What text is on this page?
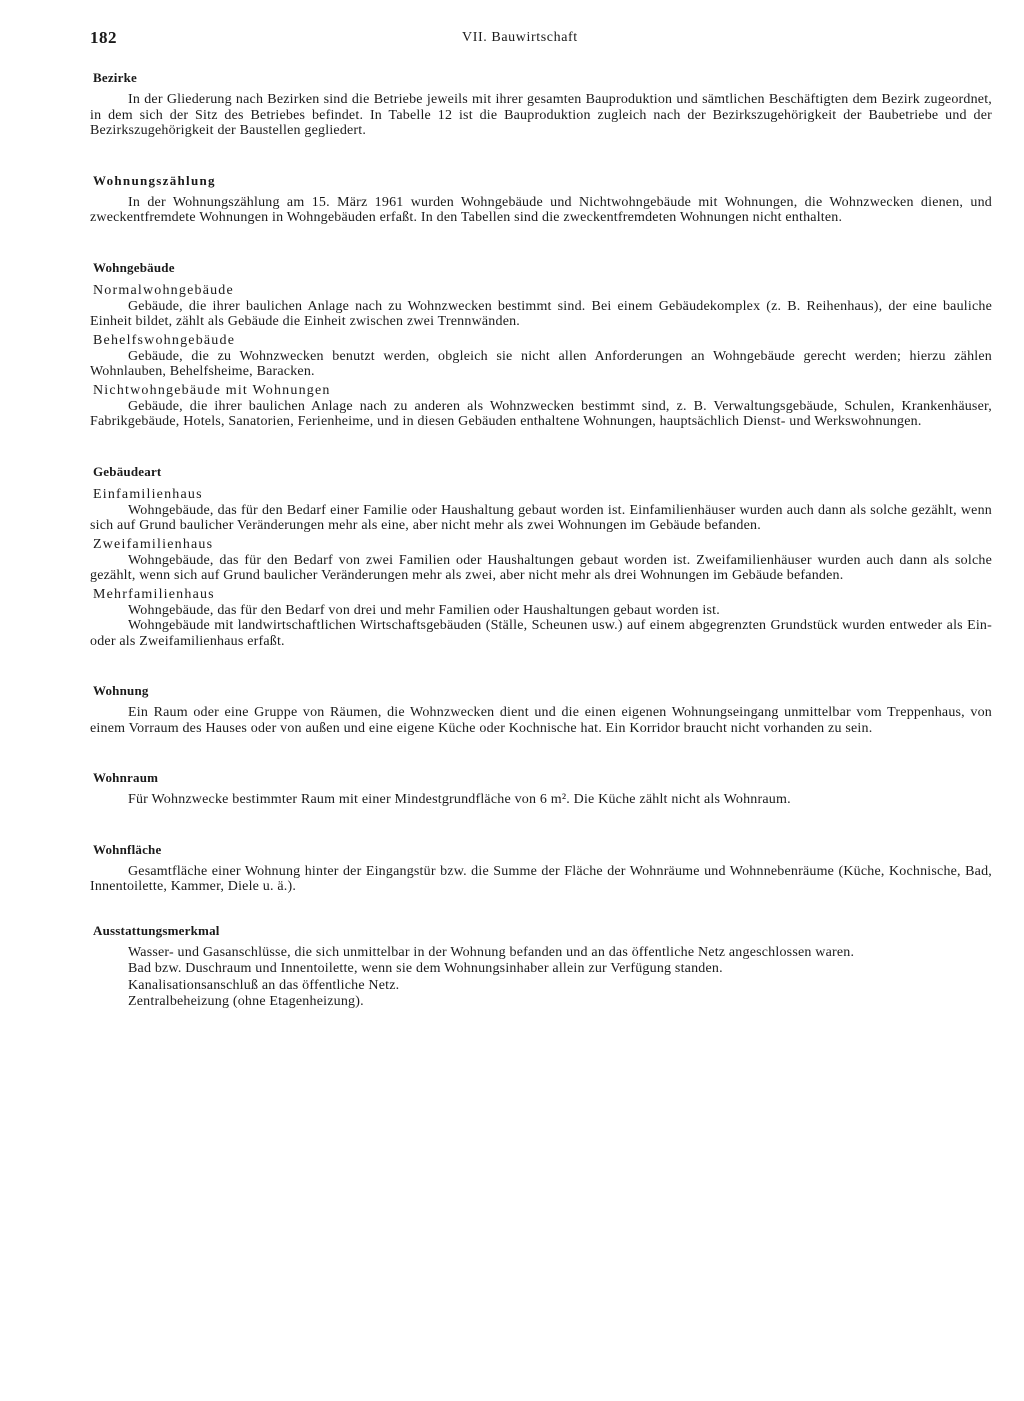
182	VII. Bauwirtschaft
Bezirke

In der Gliederung nach Bezirken sind die Betriebe jeweils mit ihrer gesamten Bauproduktion und sämtlichen Beschäftigten dem Bezirk zugeordnet, in dem sich der Sitz des Betriebes befindet. In Tabelle 12 ist die Bauproduktion zugleich nach der Bezirkszugehörigkeit der Baubetriebe und der Bezirkszugehörigkeit der Baustellen gegliedert.

Wohnungszählung

In der Wohnungszählung am 15. März 1961 wurden Wohngebäude und Nichtwohngebäude mit Wohnungen, die Wohnzwecken dienen, und zweckentfremdete Wohnungen in Wohngebäuden erfaßt. In den Tabellen sind die zweckentfremdeten Wohnungen nicht enthalten.

Wohngebäude
Normalwohngebäude

Gebäude, die ihrer baulichen Anlage nach zu Wohnzwecken bestimmt sind. Bei einem Gebäudekomplex (z. B. Reihenhaus), der eine bauliche Einheit bildet, zählt als Gebäude die Einheit zwischen zwei Trennwänden.

Behelfswohngebäude

Gebäude, die zu Wohnzwecken benutzt werden, obgleich sie nicht allen Anforderungen an Wohngebäude gerecht werden; hierzu zählen Wohnlauben, Behelfsheime, Baracken.

Nichtwohngebäude mit Wohnungen

Gebäude, die ihrer baulichen Anlage nach zu anderen als Wohnzwecken bestimmt sind, z. B. Verwaltungsgebäude, Schulen, Krankenhäuser, Fabrikgebäude, Hotels, Sanatorien, Ferienheime, und in diesen Gebäuden enthaltene Wohnungen, hauptsächlich Dienst- und Werkswohnungen.

Gebäudeart
Einfamilienhaus

Wohngebäude, das für den Bedarf einer Familie oder Haushaltung gebaut worden ist. Einfamilienhäuser wurden auch dann als solche gezählt, wenn sich auf Grund baulicher Veränderungen mehr als eine, aber nicht mehr als zwei Wohnungen im Gebäude befanden.

Zweifamilienhaus

Wohngebäude, das für den Bedarf von zwei Familien oder Haushaltungen gebaut worden ist. Zweifamilienhäuser wurden auch dann als solche gezählt, wenn sich auf Grund baulicher Veränderungen mehr als zwei, aber nicht mehr als drei Wohnungen im Gebäude befanden.

Mehrfamilienhaus

Wohngebäude, das für den Bedarf von drei und mehr Familien oder Haushaltungen gebaut worden ist.

Wohngebäude mit landwirtschaftlichen Wirtschaftsgebäuden (Ställe, Scheunen usw.) auf einem abgegrenzten Grundstück wurden entweder als Ein- oder als Zweifamilienhaus erfaßt.

Wohnung

Ein Raum oder eine Gruppe von Räumen, die Wohnzwecken dient und die einen eigenen Wohnungseingang unmittelbar vom Treppenhaus, von einem Vorraum des Hauses oder von außen und eine eigene Küche oder Kochnische hat. Ein Korridor braucht nicht vorhanden zu sein.

Wohnraum

Für Wohnzwecke bestimmter Raum mit einer Mindestgrundfläche von 6 m². Die Küche zählt nicht als Wohnraum.

Wohnfläche

Gesamtfläche einer Wohnung hinter der Eingangstür bzw. die Summe der Fläche der Wohnräume und Wohnnebenräume (Küche, Kochnische, Bad, Innentoilette, Kammer, Diele u. ä.).

Ausstattungsmerkmal

Wasser- und Gasanschlüsse, die sich unmittelbar in der Wohnung befanden und an das öffentliche Netz angeschlossen waren.

Bad bzw. Duschraum und Innentoilette, wenn sie dem Wohnungsinhaber allein zur Verfügung standen.

Kanalisationsanschluß an das öffentliche Netz.

Zentralbeheizung (ohne Etagenheizung).
